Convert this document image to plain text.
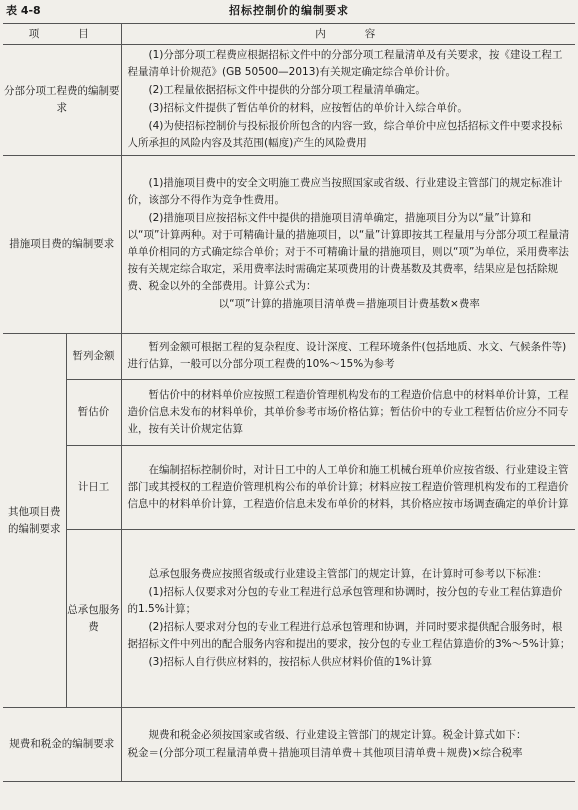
表 4-8	招标控制价的编制要求
项　　目		内　　容
分部分项工程费的编制要求		(1)分部分项工程费应根据招标文件中的分部分项工程量清单及有关要求，按《建设工程工程量清单计价规范》(GB 50500—2013)有关规定确定综合单价计价。

(2)工程量依据招标文件中提供的分部分项工程量清单确定。

(3)招标文件提供了暂估单价的材料，应按暂估的单价计入综合单价。

(4)为使招标控制价与投标报价所包含的内容一致，综合单价中应包括招标文件中要求投标人所承担的风险内容及其范围(幅度)产生的风险费用

措施项目费的编制要求		(1)措施项目费中的安全文明施工费应当按照国家或省级、行业建设主管部门的规定标准计价，该部分不得作为竞争性费用。

(2)措施项目应按招标文件中提供的措施项目清单确定，措施项目分为以“量”计算和以“项”计算两种。对于可精确计量的措施项目，以“量”计算即按其工程量用与分部分项工程量清单单价相同的方式确定综合单价；对于不可精确计量的措施项目，则以“项”为单位，采用费率法按有关规定综合取定，采用费率法时需确定某项费用的计费基数及其费率，结果应是包括除规费、税金以外的全部费用。计算公式为：

以“项”计算的措施项目清单费＝措施项目计费基数×费率

其他项目费的编制要求	暂列金额	暂列金额可根据工程的复杂程度、设计深度、工程环境条件(包括地质、水文、气候条件等)进行估算，一般可以分部分项工程费的10%～15%为参考

	暂估价	暂估价中的材料单价应按照工程造价管理机构发布的工程造价信息中的材料单价计算，工程造价信息未发布的材料单价，其单价参考市场价格估算；暂估价中的专业工程暂估价应分不同专业，按有关计价规定估算

	计日工	在编制招标控制价时，对计日工中的人工单价和施工机械台班单价应按省级、行业建设主管部门或其授权的工程造价管理机构公布的单价计算；材料应按工程造价管理机构发布的工程造价信息中的材料单价计算，工程造价信息未发布单价的材料，其价格应按市场调查确定的单价计算

	总承包服务费	总承包服务费应按照省级或行业建设主管部门的规定计算，在计算时可参考以下标准：

(1)招标人仅要求对分包的专业工程进行总承包管理和协调时，按分包的专业工程估算造价的1.5%计算；

(2)招标人要求对分包的专业工程进行总承包管理和协调，并同时要求提供配合服务时，根据招标文件中列出的配合服务内容和提出的要求，按分包的专业工程估算造价的3%～5%计算；

(3)招标人自行供应材料的，按招标人供应材料价值的1%计算

规费和税金的编制要求		规费和税金必须按国家或省级、行业建设主管部门的规定计算。税金计算式如下：

税金＝(分部分项工程量清单费＋措施项目清单费＋其他项目清单费＋规费)×综合税率
